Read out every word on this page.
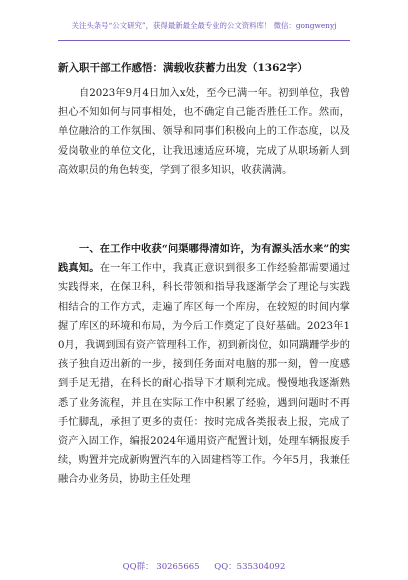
关注头条号“公文研究”，获得最新最全最专业的公文资料库！ 微信：gongwenyj
新入职干部工作感悟：满载收获蓄力出发（1362字）
自2023年9月4日加入x处，至今已满一年。初到单位，我曾担心不知如何与同事相处，也不确定自己能否胜任工作。然而，单位融洽的工作氛围、领导和同事们积极向上的工作态度，以及爱岗敬业的单位文化，让我迅速适应环境，完成了从职场新人到高效职员的角色转变，学到了很多知识，收获满满。
一、在工作中收获“问渠哪得清如许，为有源头活水来”的实践真知。在一年工作中，我真正意识到很多工作经验都需要通过实践得来，在保卫科，科长带领和指导我逐渐学会了理论与实践相结合的工作方式，走遍了库区每一个库房，在较短的时间内掌握了库区的环境和布局，为今后工作奠定了良好基础。2023年10月，我调到国有资产管理科工作，初到新岗位，如同蹒跚学步的孩子独自迈出新的一步，接到任务面对电脑的那一刻，曾一度感到手足无措，在科长的耐心指导下才顺利完成。慢慢地我逐渐熟悉了业务流程，并且在实际工作中积累了经验，遇到问题时不再手忙脚乱，承担了更多的责任：按时完成各类报表上报，完成了资产入固工作，编报2024年通用资产配置计划，处理车辆报废手续，购置并完成新购置汽车的入固建档等工作。今年5月，我兼任融合办业务员，协助主任处理
QQ群： 30265665 QQ：535304092
